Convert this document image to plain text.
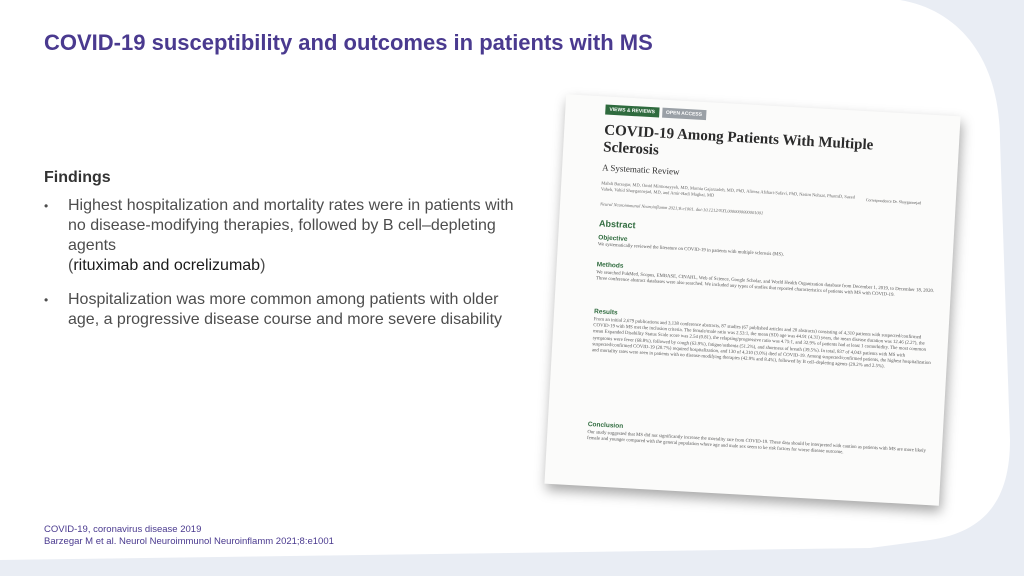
COVID-19 susceptibility and outcomes in patients with MS
Findings
•	Highest hospitalization and mortality rates were in patients with no disease-modifying therapies, followed by B cell–depleting agents
(rituximab and ocrelizumab)
•	Hospitalization was more common among patients with older age, a progressive disease course and more severe disability
VIEWS & REVIEWS	OPEN ACCESS
COVID-19 Among Patients With Multiple Sclerosis
A Systematic Review
Mahdi Barzegar, MD, Omid Mirmosayyeb, MD, Marnia Gajarzadeh, MD, PhD, Alireza Afshari-Safavi, PhD, Nasim Nehzat, PharmD, Saeed Vaheb, Vahid Shaygannejad, MD, and Amir-Hadi Maghzi, MD
Neurol Neuroimmunol Neuroinflamm 2021;8:e1001. doi:10.1212/NXI.0000000000001001
Correspondence Dr. Shaygannejad
Abstract
Objective
We systematically reviewed the literature on COVID-19 in patients with multiple sclerosis (MS).
Methods
We searched PubMed, Scopus, EMBASE, CINAHL, Web of Science, Google Scholar, and World Health Organization database from December 1, 2019, to December 18, 2020. Three conference abstract databases were also searched. We included any types of studies that reported characteristics of patients with MS with COVID-19.
Results
From an initial 2,679 publications and 3,138 conference abstracts, 87 studies (67 published articles and 20 abstracts) consisting of 4,310 patients with suspected/confirmed COVID-19 with MS met the inclusion criteria. The female/male ratio was 2.53:1, the mean (SD) age was 44.91 (4.31) years, the mean disease duration was 12.46 (2.27), the mean Expanded Disability Status Scale score was 2.54 (0.81), the relapsing/progressive ratio was 4.75:1, and 32.9% of patients had at least 1 comorbidity. The most common symptoms were fever (68.8%), followed by cough (63.9%), fatigue/asthenia (51.2%), and shortness of breath (39.5%). In total, 837 of 4,043 patients with MS with suspected/confirmed COVID-19 (20.7%) required hospitalization, and 130 of 4,310 (3.0%) died of COVID-19. Among suspected/confirmed patients, the highest hospitalization and mortality rates were seen in patients with no disease-modifying therapies (42.9% and 8.4%), followed by B cell–depleting agents (29.2% and 2.5%).
Conclusion
Our study suggested that MS did not significantly increase the mortality rate from COVID-19. These data should be interpreted with caution as patients with MS are more likely female and younger compared with the general population where age and male sex seem to be risk factors for worse disease outcome.
COVID-19, coronavirus disease 2019
Barzegar M et al. Neurol Neuroimmunol Neuroinflamm 2021;8:e1001
